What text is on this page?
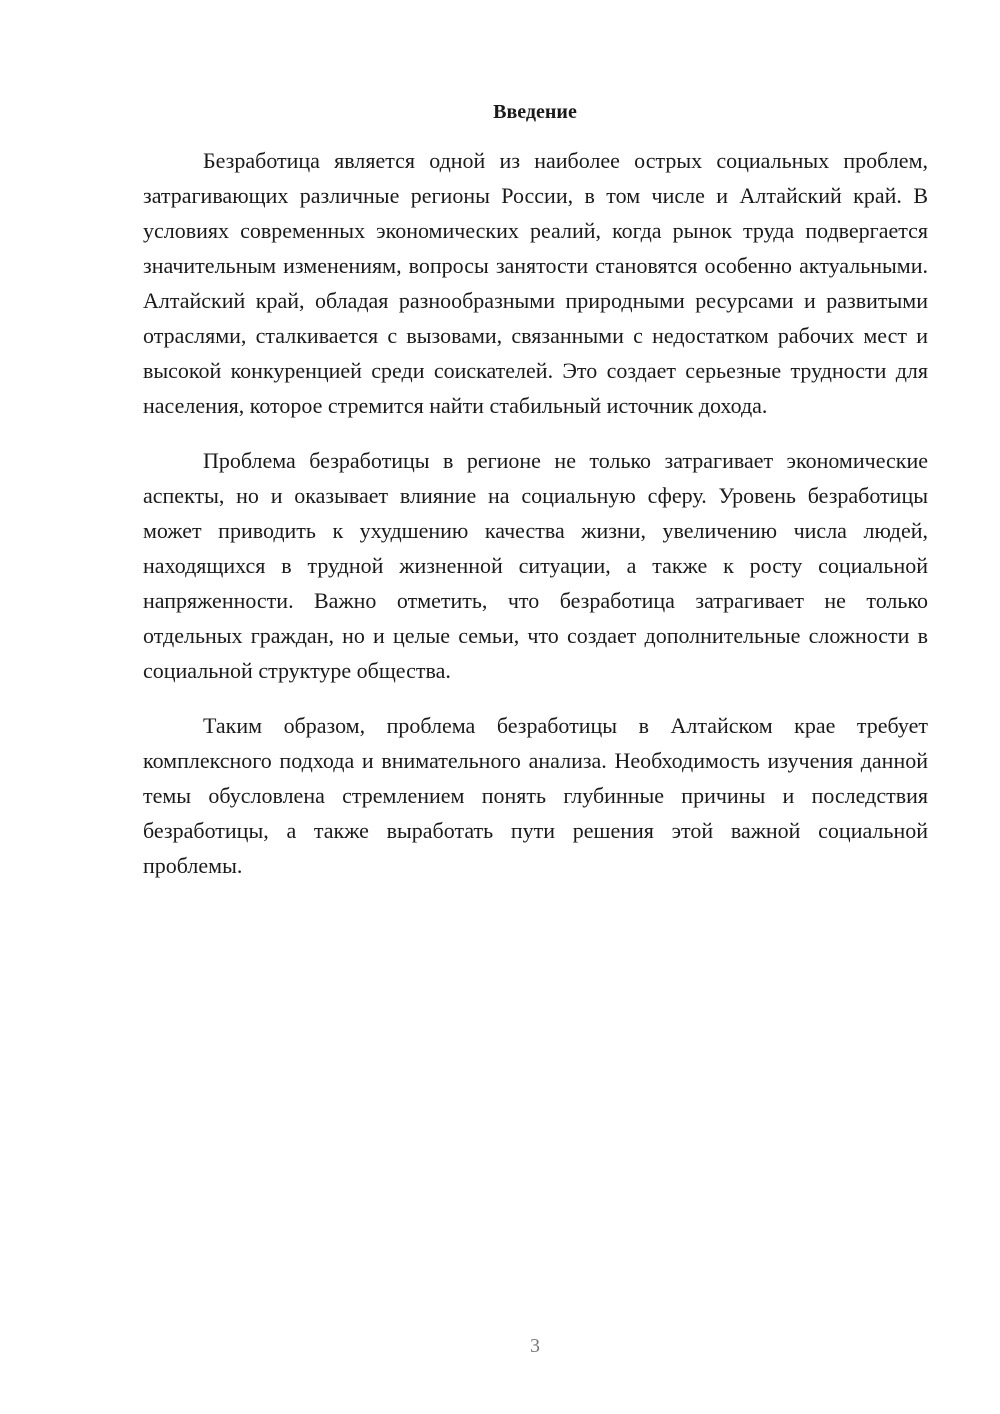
Введение

Безработица является одной из наиболее острых социальных проблем, затрагивающих различные регионы России, в том числе и Алтайский край. В условиях современных экономических реалий, когда рынок труда подвергается значительным изменениям, вопросы занятости становятся особенно актуальными. Алтайский край, обладая разнообразными природными ресурсами и развитыми отраслями, сталкивается с вызовами, связанными с недостатком рабочих мест и высокой конкуренцией среди соискателей. Это создает серьезные трудности для населения, которое стремится найти стабильный источник дохода.

Проблема безработицы в регионе не только затрагивает экономические аспекты, но и оказывает влияние на социальную сферу. Уровень безработицы может приводить к ухудшению качества жизни, увеличению числа людей, находящихся в трудной жизненной ситуации, а также к росту социальной напряженности. Важно отметить, что безработица затрагивает не только отдельных граждан, но и целые семьи, что создает дополнительные сложности в социальной структуре общества.

Таким образом, проблема безработицы в Алтайском крае требует комплексного подхода и внимательного анализа. Необходимость изучения данной темы обусловлена стремлением понять глубинные причины и последствия безработицы, а также выработать пути решения этой важной социальной проблемы.

3
